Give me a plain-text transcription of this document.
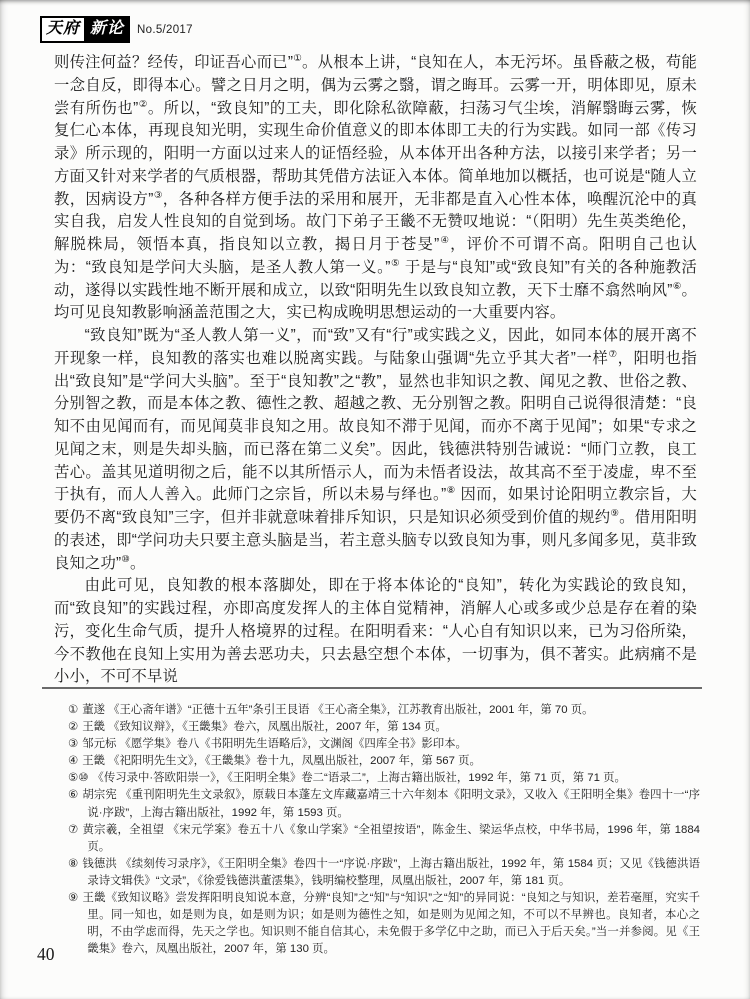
天府 新论	No.5/2017

则传注何益？经传，印证吾心而已”①。从根本上讲，“良知在人，本无污坏。虽昏蔽之极，苟能一念自反，即得本心。譬之日月之明，偶为云雾之翳，谓之晦耳。云雾一开，明体即见，原未尝有所伤也”②。所以，“致良知”的工夫，即化除私欲障蔽，扫荡习气尘埃，消解翳晦云雾，恢复仁心本体，再现良知光明，实现生命价值意义的即本体即工夫的行为实践。如同一部《传习录》所示现的，阳明一方面以过来人的证悟经验，从本体开出各种方法，以接引来学者；另一方面又针对来学者的气质根器，帮助其凭借方法证入本体。简单地加以概括，也可说是“随人立教，因病设方”③，各种各样方便手法的采用和展开，无非都是直入心性本体，唤醒沉沦中的真实自我，启发人性良知的自觉到场。故门下弟子王畿不无赞叹地说：“（阳明）先生英类绝伦，解脱株局，领悟本真，指良知以立教，揭日月于苍旻”④，评价不可谓不高。阳明自己也认为：“致良知是学问大头脑，是圣人教人第一义。”⑤ 于是与“良知”或“致良知”有关的各种施教活动，遂得以实践性地不断开展和成立，以致“阳明先生以致良知立教，天下士靡不翕然响风”⑥。均可见良知教影响涵盖范围之大，实已构成晚明思想运动的一大重要内容。

“致良知”既为“圣人教人第一义”，而“致”又有“行”或实践之义，因此，如同本体的展开离不开现象一样，良知教的落实也难以脱离实践。与陆象山强调“先立乎其大者”一样⑦，阳明也指出“致良知”是“学问大头脑”。至于“良知教”之“教”，显然也非知识之教、闻见之教、世俗之教、分别智之教，而是本体之教、德性之教、超越之教、无分别智之教。阳明自己说得很清楚：“良知不由见闻而有，而见闻莫非良知之用。故良知不滞于见闻，而亦不离于见闻”；如果“专求之见闻之末，则是失却头脑，而已落在第二义矣”。因此，钱德洪特别告诫说：“师门立教，良工苦心。盖其见道明彻之后，能不以其所悟示人，而为未悟者设法，故其高不至于凌虚，卑不至于执有，而人人善入。此师门之宗旨，所以未易与绎也。”⑧ 因而，如果讨论阳明立教宗旨，大要仍不离“致良知”三字，但并非就意味着排斥知识，只是知识必须受到价值的规约⑨。借用阳明的表述，即“学问功夫只要主意头脑是当，若主意头脑专以致良知为事，则凡多闻多见，莫非致良知之功”⑩。

由此可见，良知教的根本落脚处，即在于将本体论的“良知”，转化为实践论的致良知，而“致良知”的实践过程，亦即高度发挥人的主体自觉精神，消解人心或多或少总是存在着的染污，变化生命气质，提升人格境界的过程。在阳明看来：“人心自有知识以来，已为习俗所染，今不教他在良知上实用为善去恶功夫，只去悬空想个本体，一切事为，俱不著实。此病痛不是小小，不可不早说

① 董遂 《王心斋年谱》“正德十五年”条引王艮语 《王心斋全集》，江苏教育出版社，2001 年，第 70 页。

② 王畿 《致知议辩》，《王畿集》卷六，凤凰出版社，2007 年，第 134 页。

③ 邹元标 《愿学集》卷八《书阳明先生语略后》，文渊阁《四库全书》影印本。

④ 王畿 《祀阳明先生文》，《王畿集》卷十九，凤凰出版社，2007 年，第 567 页。

⑤⑩ 《传习录中·答欧阳崇一》，《王阳明全集》卷二“语录二”，上海古籍出版社，1992 年，第 71 页，第 71 页。

⑥ 胡宗宪 《重刊阳明先生文录叙》，原载日本蓬左文库藏嘉靖三十六年刻本《阳明文录》，又收入《王阳明全集》卷四十一“序说·序跋”，上海古籍出版社，1992 年，第 1593 页。

⑦ 黄宗羲，全祖望 《宋元学案》卷五十八《象山学案》“全祖望按语”，陈金生、梁运华点校，中华书局，1996 年，第 1884 页。

⑧ 钱德洪 《续刻传习录序》，《王阳明全集》卷四十一“序说·序跋”，上海古籍出版社，1992 年，第 1584 页；又见《钱德洪语录诗文辑佚》“文录”，《徐爱钱德洪董澐集》，钱明编校整理，凤凰出版社，2007 年，第 181 页。

⑨ 王畿《致知议略》尝发挥阳明良知说本意，分辨“良知”之“知”与“知识”之“知”的异同说：“良知之与知识，差若毫厘，究实千里。同一知也，如是则为良，如是则为识；如是则为德性之知，如是则为见闻之知，不可以不早辨也。良知者，本心之明，不由学虑而得，先天之学也。知识则不能自信其心，未免假于多学亿中之助，而已入于后天矣。”当一并参阅。见《王畿集》卷六，凤凰出版社，2007 年，第 130 页。

40
